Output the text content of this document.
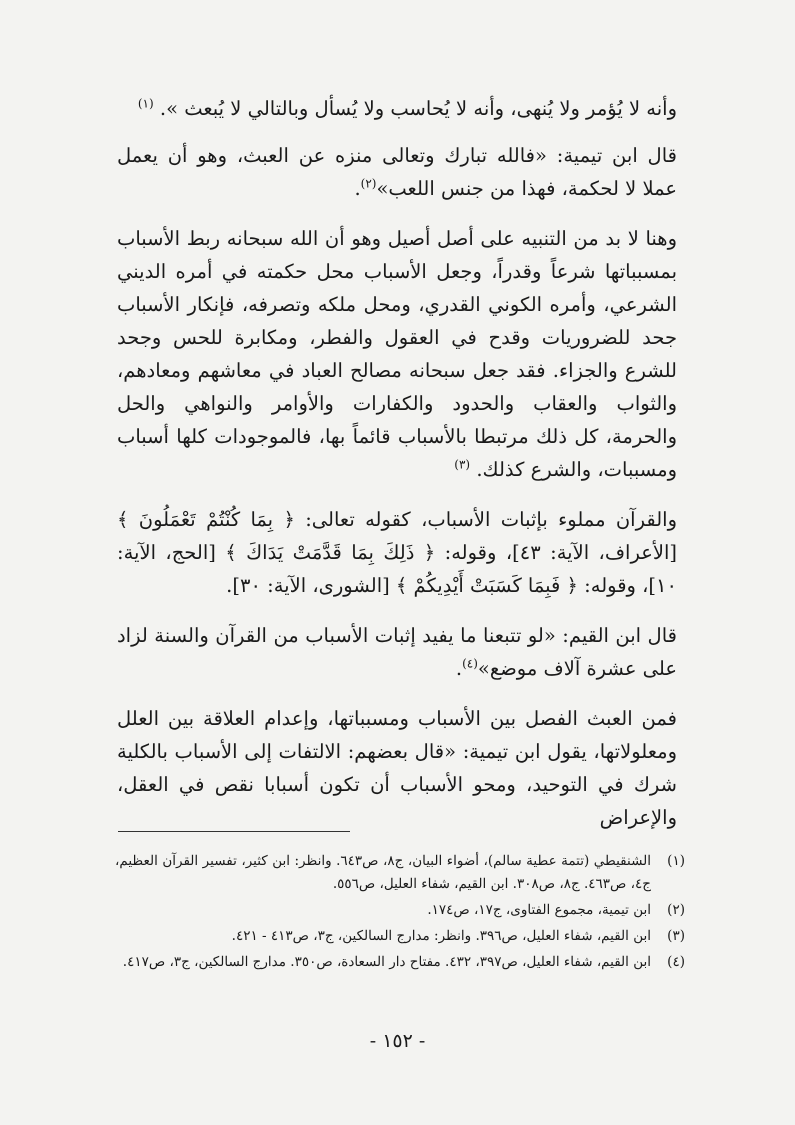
وأنه لا يُؤمر ولا يُنهى، وأنه لا يُحاسب ولا يُسأل وبالتالي لا يُبعث ». $^{(١)}$

قال ابن تيمية: «فالله تبارك وتعالى منزه عن العبث، وهو أن يعمل عملا لا لحكمة، فهذا من جنس اللعب»$^{(٢)}$.

وهنا لا بد من التنبيه على أصل أصيل وهو أن الله سبحانه ربط الأسباب بمسبباتها شرعاً وقدراً، وجعل الأسباب محل حكمته في أمره الديني الشرعي، وأمره الكوني القدري، ومحل ملكه وتصرفه، فإنكار الأسباب جحد للضروريات وقدح في العقول والفطر، ومكابرة للحس وجحد للشرع والجزاء. فقد جعل سبحانه مصالح العباد في معاشهم ومعادهم، والثواب والعقاب والحدود والكفارات والأوامر والنواهي والحل والحرمة، كل ذلك مرتبطا بالأسباب قائماً بها، فالموجودات كلها أسباب ومسببات، والشرع كذلك. $^{(٣)}$

والقرآن مملوء بإثبات الأسباب، كقوله تعالى: ﴿ بِمَا كُنْتُمْ تَعْمَلُونَ ﴾ [الأعراف، الآية: ٤٣]، وقوله: ﴿ ذَلِكَ بِمَا قَدَّمَتْ يَدَاكَ ﴾ [الحج، الآية: ١٠]، وقوله: ﴿ فَبِمَا كَسَبَتْ أَيْدِيكُمْ ﴾ [الشورى، الآية: ٣٠].

قال ابن القيم: «لو تتبعنا ما يفيد إثبات الأسباب من القرآن والسنة لزاد على عشرة آلاف موضع»$^{(٤)}$.

فمن العبث الفصل بين الأسباب ومسبباتها، وإعدام العلاقة بين العلل ومعلولاتها، يقول ابن تيمية: «قال بعضهم: الالتفات إلى الأسباب بالكلية شرك في التوحيد، ومحو الأسباب أن تكون أسبابا نقص في العقل، والإعراض

(١)
الشنقيطي (تتمة عطية سالم)، أضواء البيان، ج٨، ص٦٤٣. وانظر: ابن كثير، تفسير القرآن العظيم، ج٤، ص٤٦٣. ج٨، ص٣٠٨. ابن القيم، شفاء العليل، ص٥٥٦.
(٢)
ابن تيمية، مجموع الفتاوى، ج١٧، ص١٧٤.
(٣)
ابن القيم، شفاء العليل، ص٣٩٦. وانظر: مدارج السالكين، ج٣، ص٤١٣ - ٤٢١.
(٤)
ابن القيم، شفاء العليل، ص٣٩٧، ٤٣٢. مفتاح دار السعادة، ص٣٥٠. مدارج السالكين، ج٣، ص٤١٧.
- ١٥٢ -
